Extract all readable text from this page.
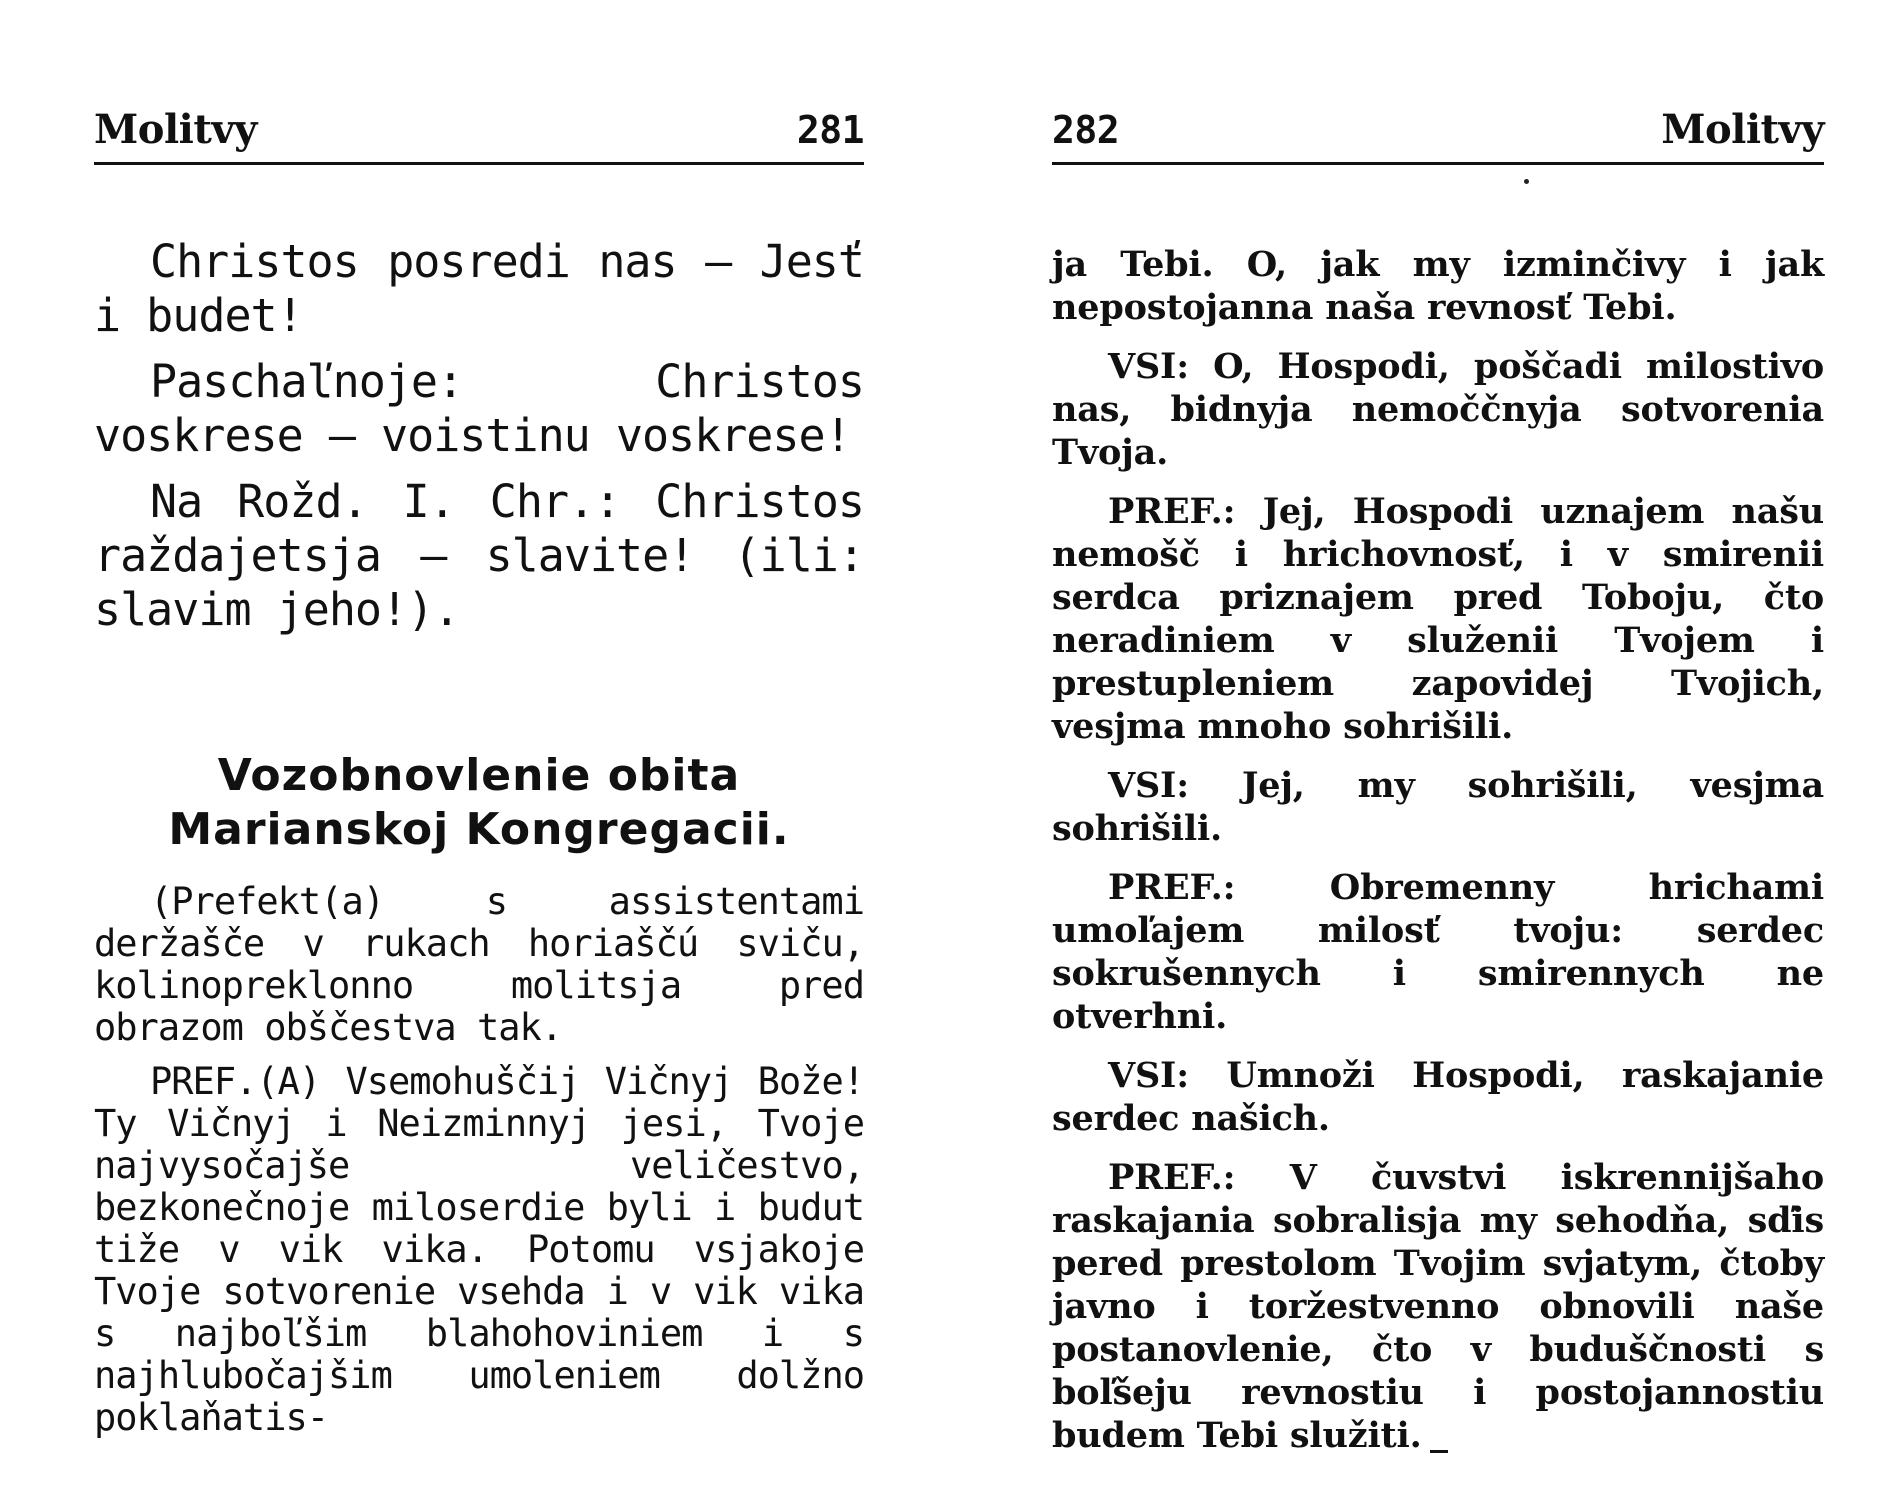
Molitvy	281

Christos posredi nas — Jesť i budet!

Paschaľnoje: Christos voskrese — voistinu voskrese!

Na Rožd. I. Chr.: Christos raždajetsja — slavite! (ili: slavim jeho!).

Vozobnovlenie obita Marianskoj Kongregacii.

(Prefekt(a) s assistentami deržašče v rukach horiaščú sviču, kolinopreklonno molitsja pred obrazom obščestva tak.

PREF.(A) Vsemohuščij Vičnyj Bože! Ty Vičnyj i Neizminnyj jesi, Tvoje najvysočajše veličestvo, bezkonečnoje miloserdie byli i budut tiže v vik vika. Potomu vsjakoje Tvoje sotvorenie vsehda i v vik vika s najboľšim blahohoviniem i s najhlubočajšim umoleniem dolžno poklaňatis-

282	Molitvy

ja Tebi. O, jak my izminčivy i jak nepostojanna naša revnosť Tebi.

VSI: O, Hospodi, poščadi milostivo nas, bidnyja nemoččnyja sotvorenia Tvoja.

PREF.: Jej, Hospodi uznajem našu nemošč i hrichovnosť, i v smirenii serdca priznajem pred Toboju, čto neradiniem v služenii Tvojem i prestupleniem zapovidej Tvojich, vesjma mnoho sohrišili.

VSI: Jej, my sohrišili, vesjma sohrišili.

PREF.: Obremenny hrichami umoľajem milosť tvoju: serdec sokrušennych i smirennych ne otverhni.

VSI: Umnoži Hospodi, raskajanie serdec našich.

PREF.: V čuvstvi iskrennijšaho raskajania sobralisja my sehodňa, sďis pered prestolom Tvojim svjatym, čtoby javno i toržestvenno obnovili naše postanovlenie, čto v buduščnosti s boľšeju revnostiu i postojannostiu budem Tebi služiti.
